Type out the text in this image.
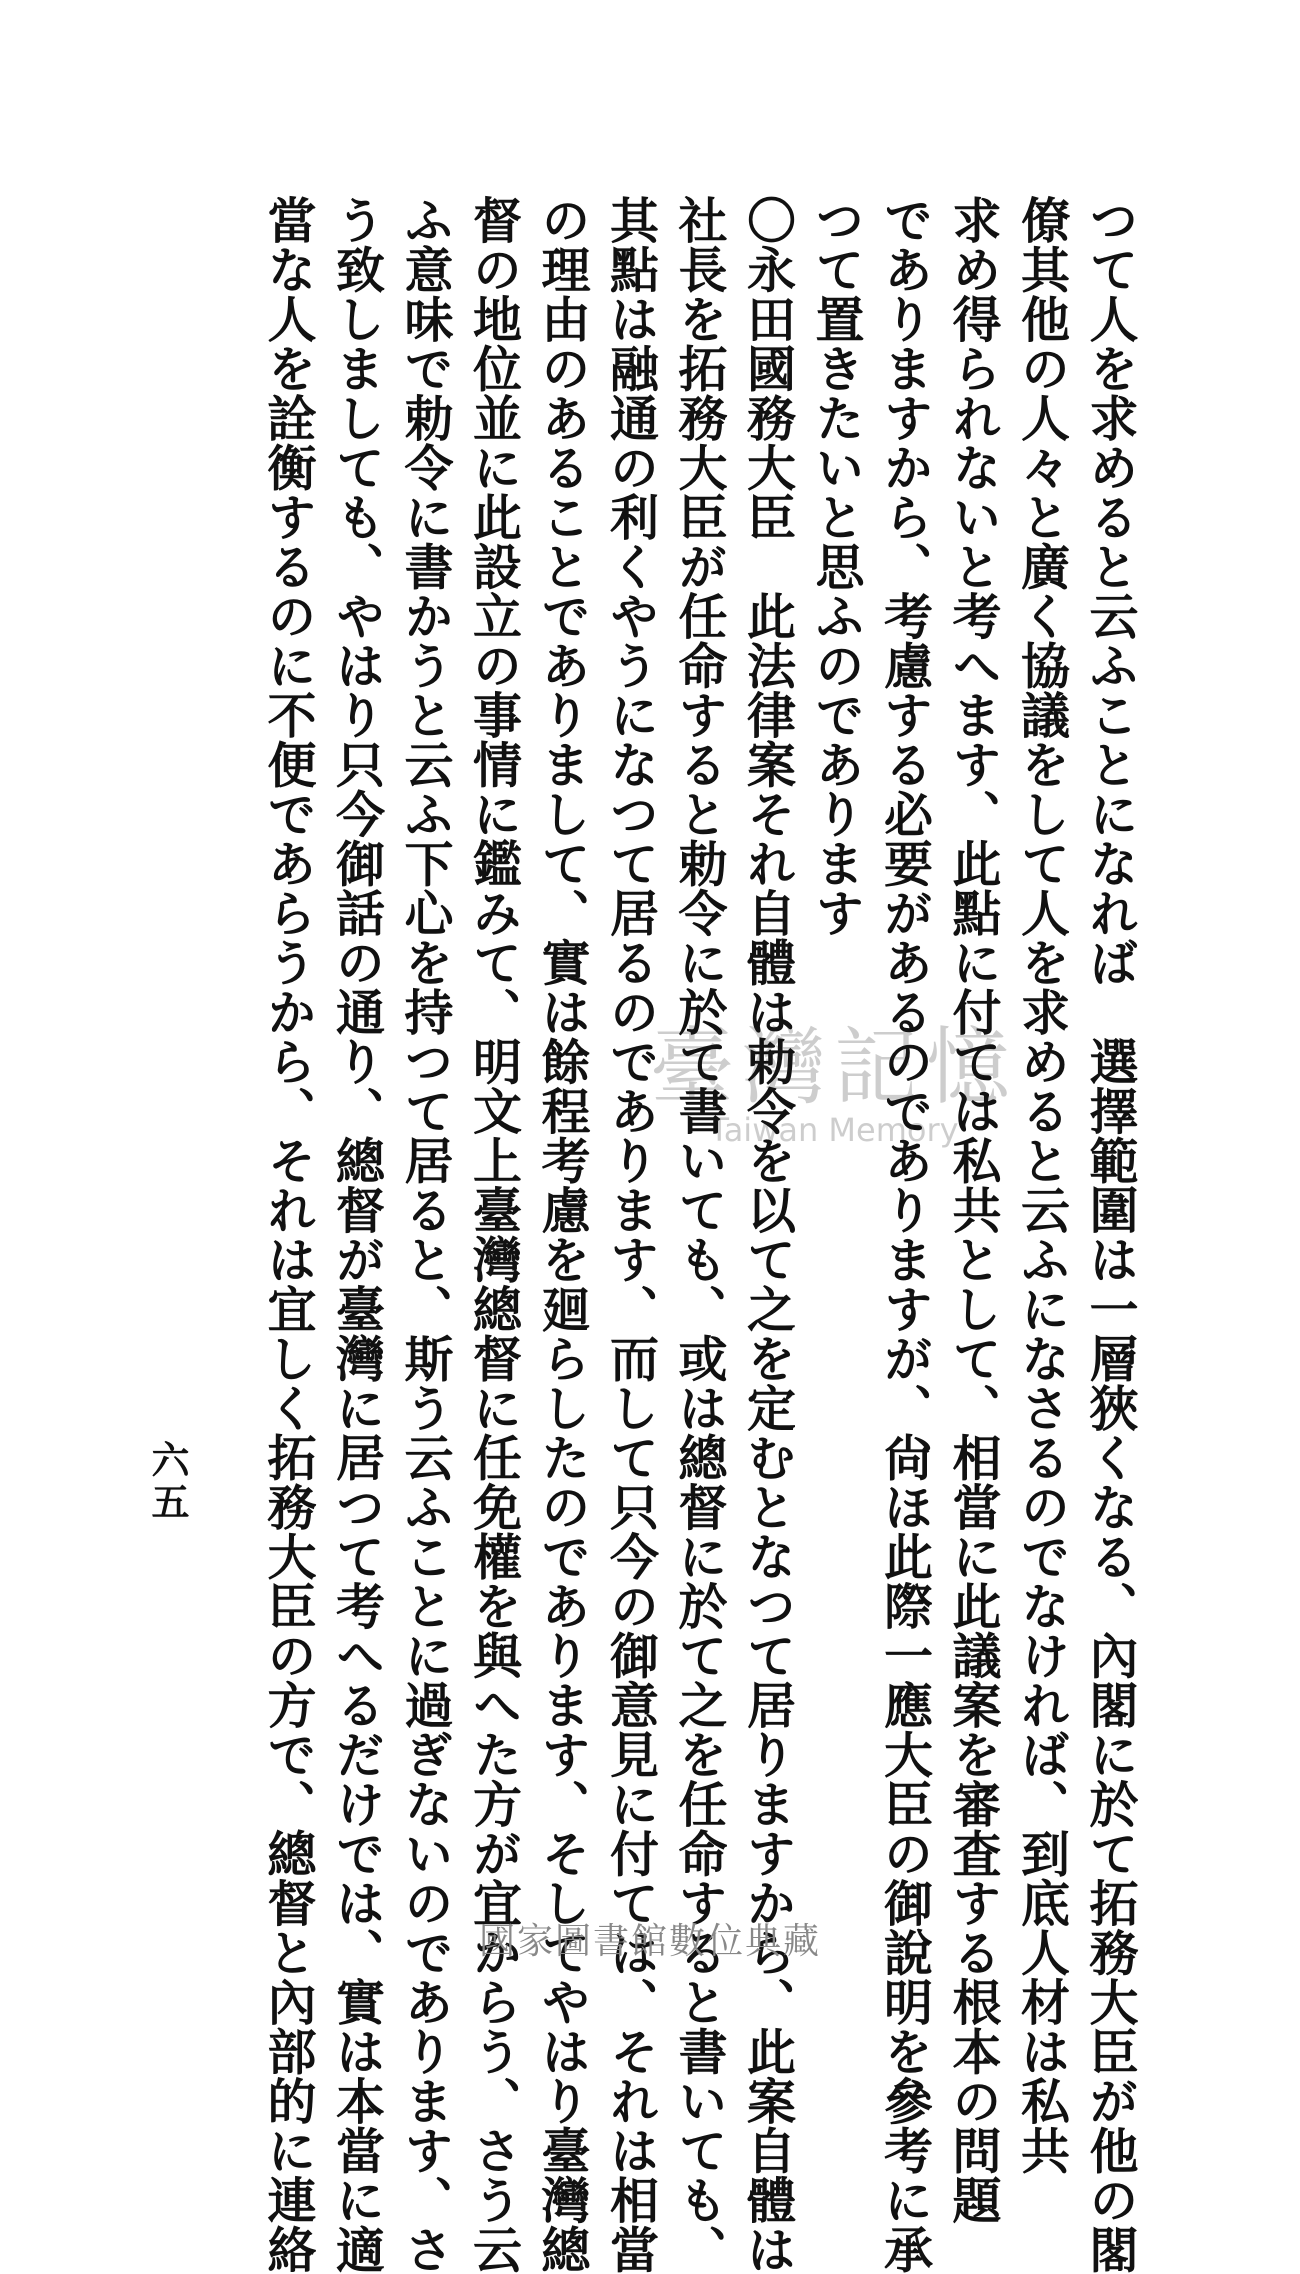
つて人を求めると云ふことになれば　選擇範圍は一層狹くなる、內閣に於て拓務大臣が他の閣
僚其他の人々と廣く協議をして人を求めると云ふになさるのでなければ、到底人材は私共
求め得られないと考へます、此點に付ては私共として、相當に此議案を審査する根本の問題
でありますから、考慮する必要があるのでありますが、尙ほ此際一應大臣の御說明を參考に承
つて置きたいと思ふのであります
〇永田國務大臣　此法律案それ自體は勅令を以て之を定むとなつて居りますから、此案自體は
社長を拓務大臣が任命すると勅令に於て書いても、或は總督に於て之を任命すると書いても、
其點は融通の利くやうになつて居るのであります、而して只今の御意見に付ては、それは相當
の理由のあることでありまして、實は餘程考慮を廻らしたのであります、そしてやはり臺灣總
督の地位並に此設立の事情に鑑みて、明文上臺灣總督に任免權を與へた方が宜からう、さう云
ふ意味で勅令に書かうと云ふ下心を持つて居ると、斯う云ふことに過ぎないのであります、さ
う致しましても、やはり只今御話の通り、總督が臺灣に居つて考へるだけでは、實は本當に適
當な人を詮衡するのに不便であらうから、それは宜しく拓務大臣の方で、總督と內部的に連絡
六五
臺灣記憶
Taiwan Memory
國家圖書館數位典藏
